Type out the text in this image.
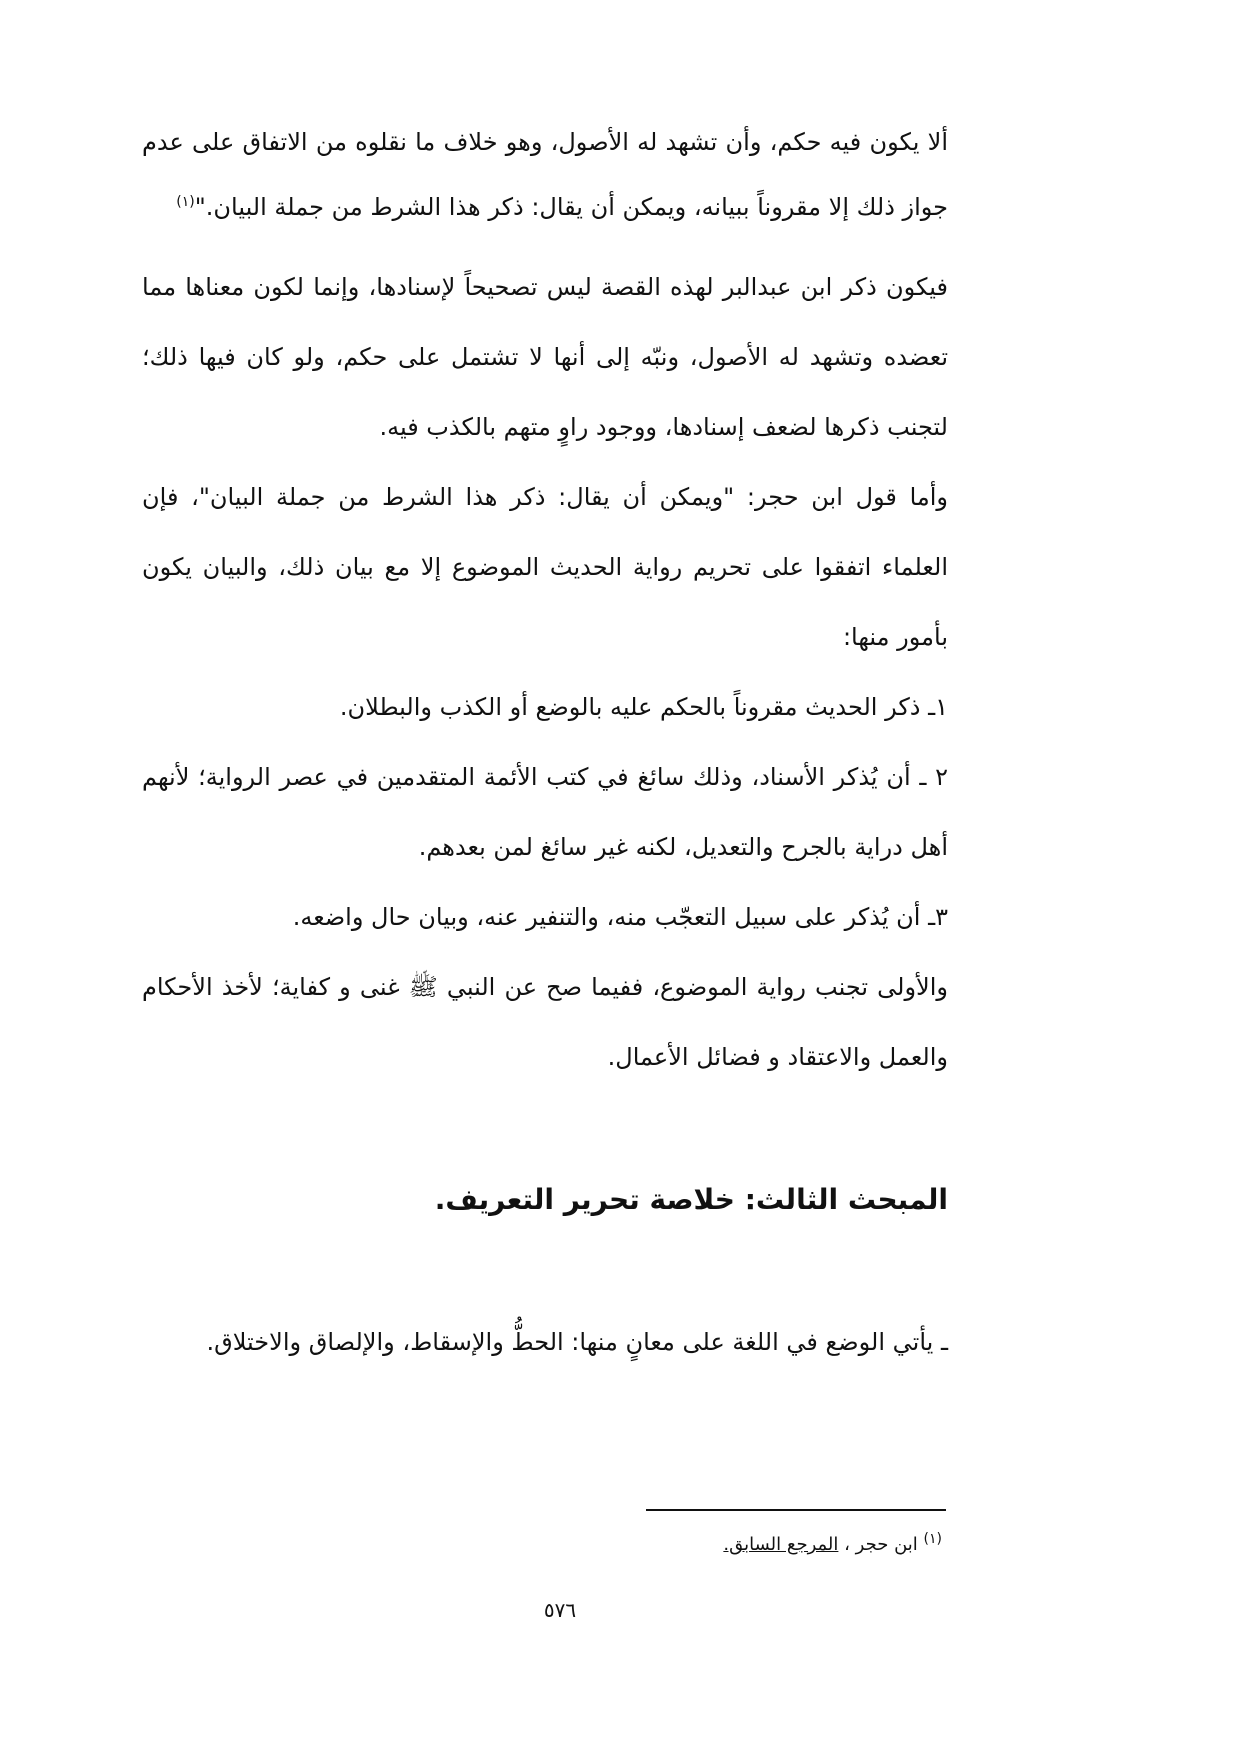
ألا يكون فيه حكم، وأن تشهد له الأصول، وهو خلاف ما نقلوه من الاتفاق على عدم جواز ذلك إلا مقروناً ببيانه، ويمكن أن يقال: ذكر هذا الشرط من جملة البيان."$^{(١)}$

فيكون ذكر ابن عبدالبر لهذه القصة ليس تصحيحاً لإسنادها، وإنما لكون معناها مما تعضده وتشهد له الأصول، ونبّه إلى أنها لا تشتمل على حكم، ولو كان فيها ذلك؛ لتجنب ذكرها لضعف إسنادها، ووجود راوٍ متهم بالكذب فيه.

وأما قول ابن حجر: "ويمكن أن يقال: ذكر هذا الشرط من جملة البيان"، فإن العلماء اتفقوا على تحريم رواية الحديث الموضوع إلا مع بيان ذلك، والبيان يكون بأمور منها:

١ـ ذكر الحديث مقروناً بالحكم عليه بالوضع أو الكذب والبطلان.

٢ ـ أن يُذكر الأسناد، وذلك سائغ في كتب الأئمة المتقدمين في عصر الرواية؛ لأنهم أهل دراية بالجرح والتعديل، لكنه غير سائغ لمن بعدهم.

٣ـ أن يُذكر على سبيل التعجّب منه، والتنفير عنه، وبيان حال واضعه.

والأولى تجنب رواية الموضوع، ففيما صح عن النبي ﷺ غنى و كفاية؛ لأخذ الأحكام والعمل والاعتقاد و فضائل الأعمال.

المبحث الثالث: خلاصة تحرير التعريف.

ـ يأتي الوضع في اللغة على معانٍ منها: الحطُّ والإسقاط، والإلصاق والاختلاق.

$^{(١)}$ ابن حجر ، المرجع السابق.

٥٧٦
